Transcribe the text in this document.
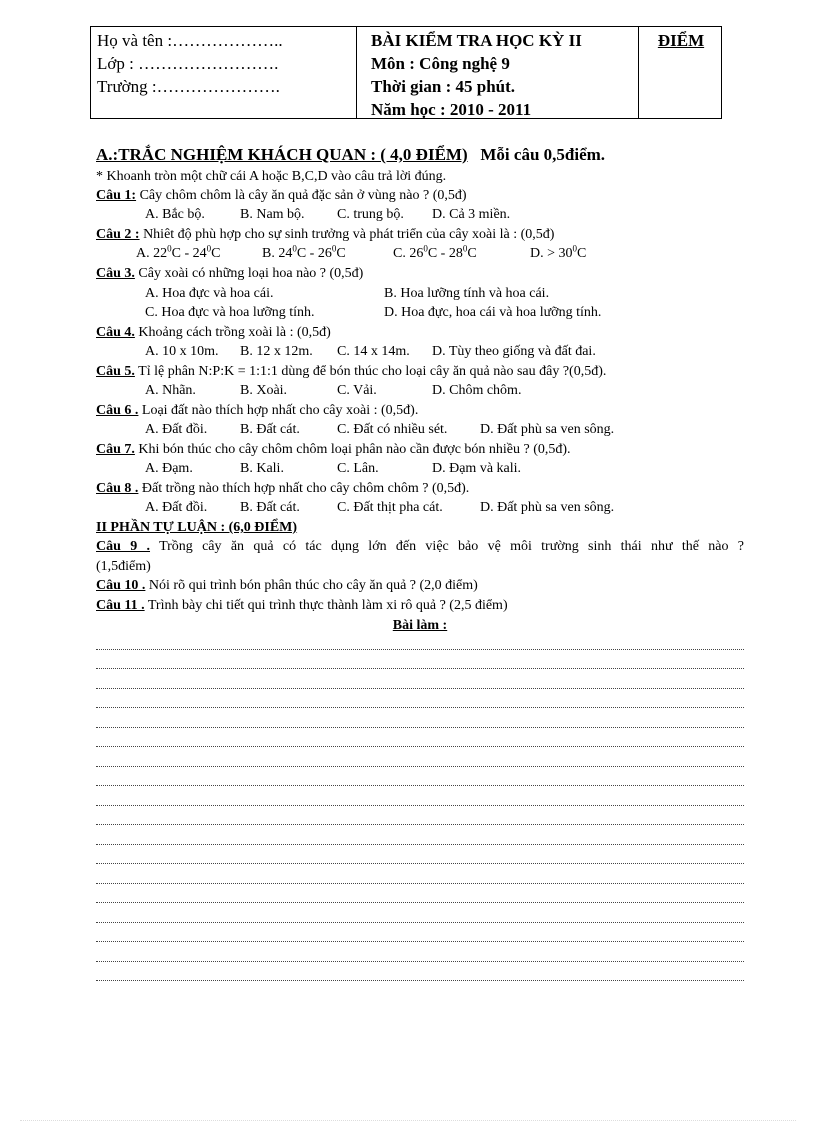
Họ và tên :………………..
Lớp : …………………….
Trường :………………….
BÀI KIỂM TRA HỌC KỲ II
Môn : Công nghệ 9
Thời gian : 45 phút.
Năm học : 2010 - 2011
ĐIỂM
A.:TRẮC NGHIỆM KHÁCH QUAN : ( 4,0 ĐIỂM) Mỗi câu 0,5điểm.
* Khoanh tròn một chữ cái A hoặc B,C,D vào câu trả lời đúng.
Câu 1: Cây chôm chôm là cây ăn quả đặc sản ở vùng nào ? (0,5đ)
A. Bắc bộ.	B. Nam bộ. C. trung bộ. D. Cả 3 miền.
Câu 2 : Nhiêt độ phù hợp cho sự sinh trưởng và phát triển của cây xoài là : (0,5đ)
A. $22^0C - 24^0C$	B. $24^0C - 26^0C$	C. $26^0C - 28^0C$	D. > $30^0C$
Câu 3. Cây xoài có những loại hoa nào ? (0,5đ)
A. Hoa đực và hoa cái.	B. Hoa lưỡng tính và hoa cái.
C. Hoa đực và hoa lưỡng tính.	D. Hoa đực, hoa cái và hoa lưỡng tính.
Câu 4. Khoảng cách trồng xoài là : (0,5đ)
A. 10 x 10m. B. 12 x 12m. C. 14 x 14m. D. Tùy theo giống và đất đai.
Câu 5. Tỉ lệ phân N:P:K = 1:1:1 dùng để bón thúc cho loại cây ăn quả nào sau đây ?(0,5đ).
A. Nhãn.	B. Xoài.	C. Vải.	D. Chôm chôm.
Câu 6 . Loại đất nào thích hợp nhất cho cây xoài : (0,5đ).
A. Đất đồi. B. Đất cát.	C. Đất có nhiều sét. D. Đất phù sa ven sông.
Câu 7. Khi bón thúc cho cây chôm chôm loại phân nào cần được bón nhiều ? (0,5đ).
A. Đạm.	B. Kali.	C. Lân.	D. Đạm và kali.
Câu 8 . Đất trồng nào thích hợp nhất cho cây chôm chôm ? (0,5đ).
A. Đất đồi. B. Đất cát.	C. Đất thịt pha cát.	D. Đất phù sa ven sông.
II PHẦN TỰ LUẬN : (6,0 ĐIỂM)
Câu 9 . Trồng cây ăn quả có tác dụng lớn đến việc bảo vệ môi trường sinh thái như thế nào ?
(1,5điểm)
Câu 10 . Nói rõ qui trình bón phân thúc cho cây ăn quả ? (2,0 điểm)
Câu 11 . Trình bày chi tiết qui trình thực thành làm xi rô quả ? (2,5 điểm)
Bài làm :
